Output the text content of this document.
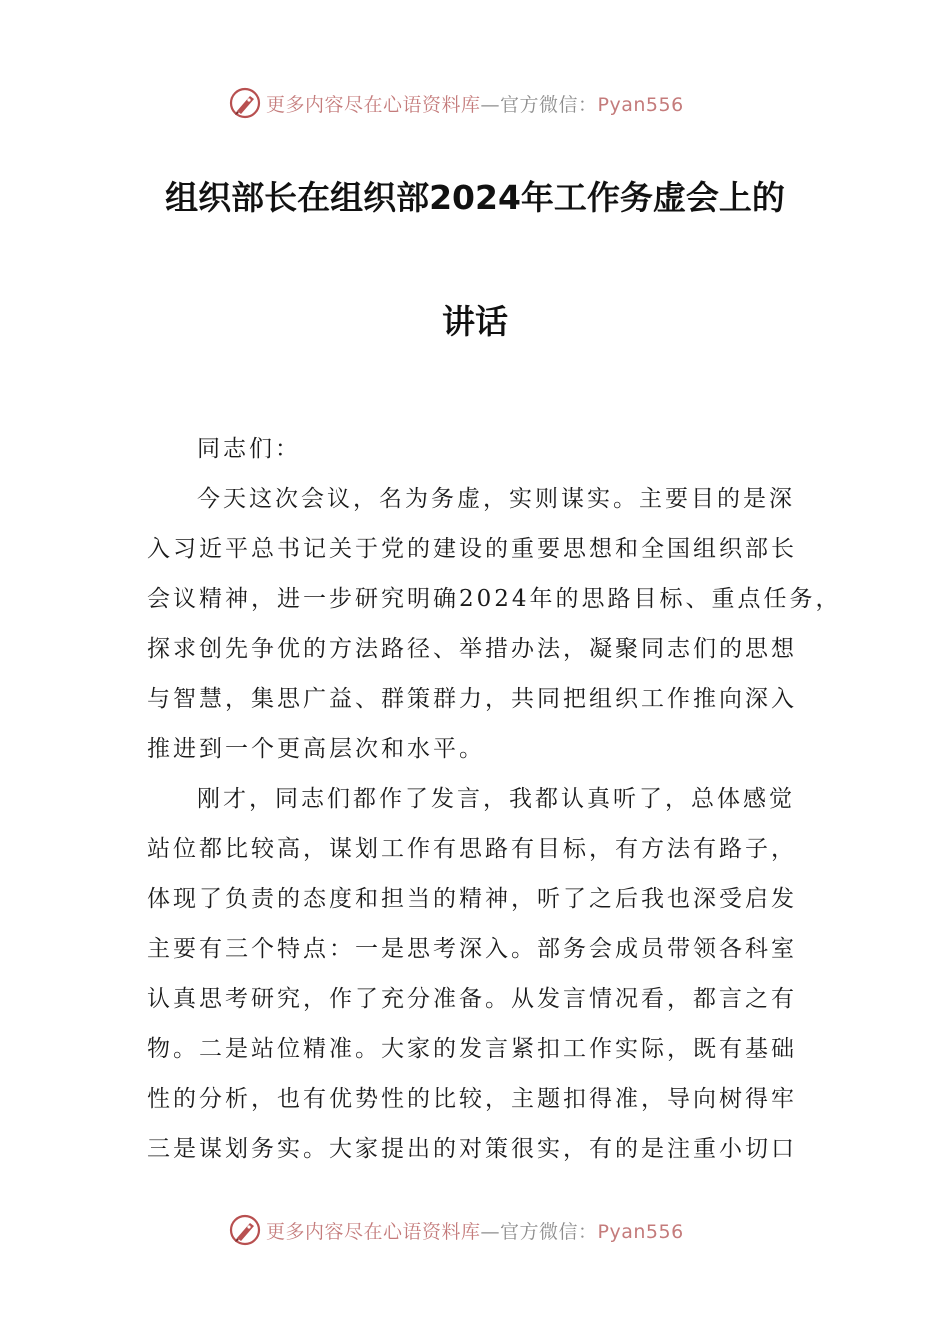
更多内容尽在心语资料库—官方微信：Pyan556
组织部长在组织部2024年工作务虚会上的
讲话
同志们：
今天这次会议，名为务虚，实则谋实。主要目的是深
入习近平总书记关于党的建设的重要思想和全国组织部长
会议精神，进一步研究明确2024年的思路目标、重点任务，
探求创先争优的方法路径、举措办法，凝聚同志们的思想
与智慧，集思广益、群策群力，共同把组织工作推向深入
推进到一个更高层次和水平。
刚才，同志们都作了发言，我都认真听了，总体感觉
站位都比较高，谋划工作有思路有目标，有方法有路子，
体现了负责的态度和担当的精神，听了之后我也深受启发
主要有三个特点：一是思考深入。部务会成员带领各科室
认真思考研究，作了充分准备。从发言情况看，都言之有
物。二是站位精准。大家的发言紧扣工作实际，既有基础
性的分析，也有优势性的比较，主题扣得准，导向树得牢
三是谋划务实。大家提出的对策很实，有的是注重小切口
更多内容尽在心语资料库—官方微信：Pyan556
